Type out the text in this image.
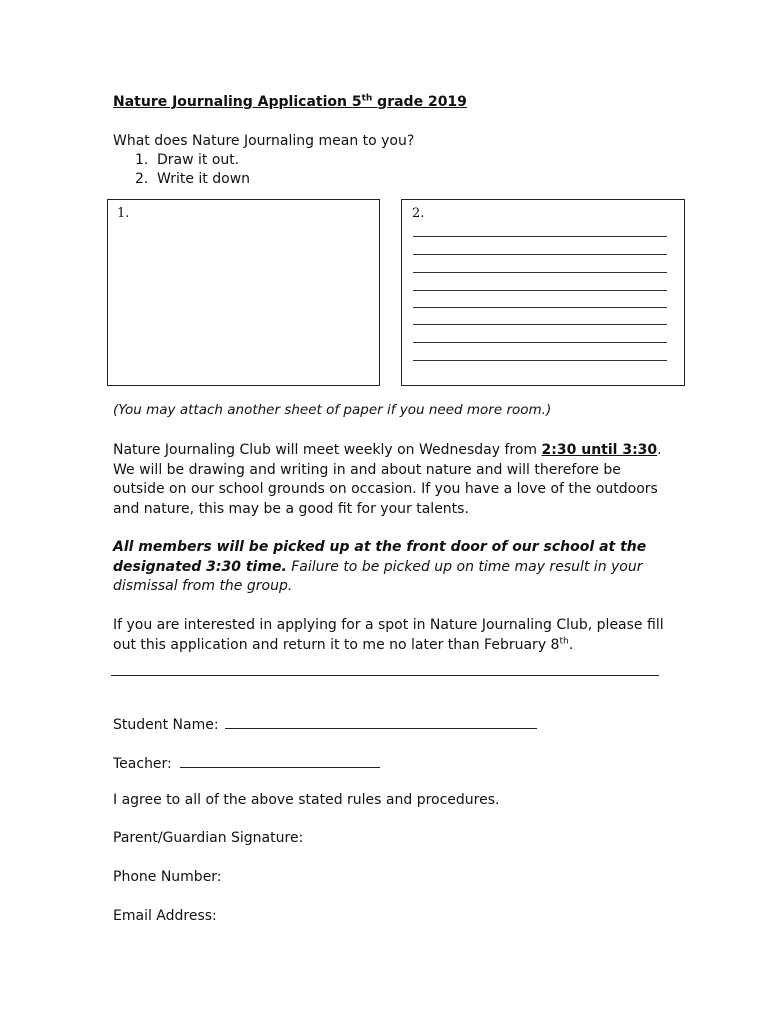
Nature Journaling Application 5th grade 2019
What does Nature Journaling mean to you?
1. Draw it out.
2. Write it down
1.	2.
(You may attach another sheet of paper if you need more room.)
Nature Journaling Club will meet weekly on Wednesday from 2:30 until 3:30. We will be drawing and writing in and about nature and will therefore be outside on our school grounds on occasion. If you have a love of the outdoors and nature, this may be a good fit for your talents.
All members will be picked up at the front door of our school at the designated 3:30 time. Failure to be picked up on time may result in your dismissal from the group.
If you are interested in applying for a spot in Nature Journaling Club, please fill out this application and return it to me no later than February 8th.
Student Name:
Teacher:
I agree to all of the above stated rules and procedures.
Parent/Guardian Signature:
Phone Number:
Email Address:
